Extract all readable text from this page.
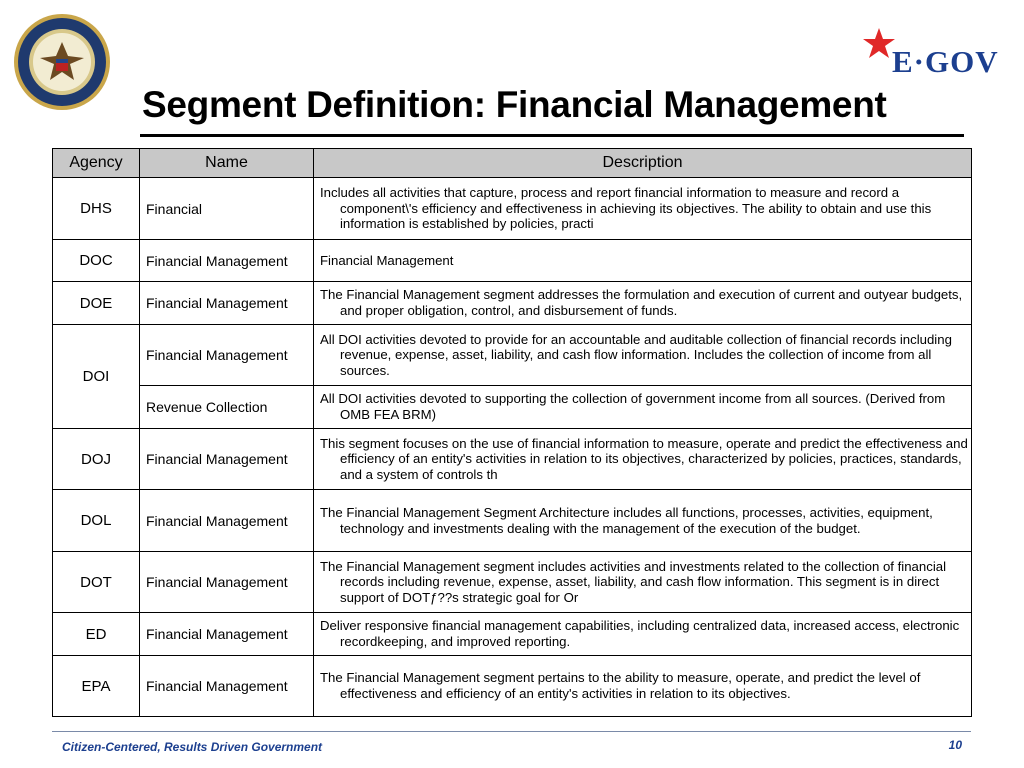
E·GOV
Segment Definition: Financial Management
Agency	Name	Description
DHS	Financial	Includes all activities that capture, process and report financial information to measure and record a component\'s efficiency and effectiveness in achieving its objectives. The ability to obtain and use this information is established by policies, practi
DOC	Financial Management	Financial Management
DOE	Financial Management	The Financial Management segment addresses the formulation and execution of current and outyear budgets, and proper obligation, control, and disbursement of funds.
DOI	Financial Management	All DOI activities devoted to provide for an accountable and auditable collection of financial records including revenue, expense, asset, liability, and cash flow information. Includes the collection of income from all sources.
	Revenue Collection	All DOI activities devoted to supporting the collection of government income from all sources. (Derived from OMB FEA BRM)
DOJ	Financial Management	This segment focuses on the use of financial information to measure, operate and predict the effectiveness and efficiency of an entity's activities in relation to its objectives, characterized by policies, practices, standards, and a system of controls th
DOL	Financial Management	The Financial Management Segment Architecture includes all functions, processes, activities, equipment, technology and investments dealing with the management of the execution of the budget.
DOT	Financial Management	The Financial Management segment includes activities and investments related to the collection of financial records including revenue, expense, asset, liability, and cash flow information. This segment is in direct support of DOTƒ??s strategic goal for Or
ED	Financial Management	Deliver responsive financial management capabilities, including centralized data, increased access, electronic recordkeeping, and improved reporting.
EPA	Financial Management	The Financial Management segment pertains to the ability to measure, operate, and predict the level of effectiveness and efficiency of an entity's activities in relation to its objectives.
Citizen-Centered, Results Driven Government	10
